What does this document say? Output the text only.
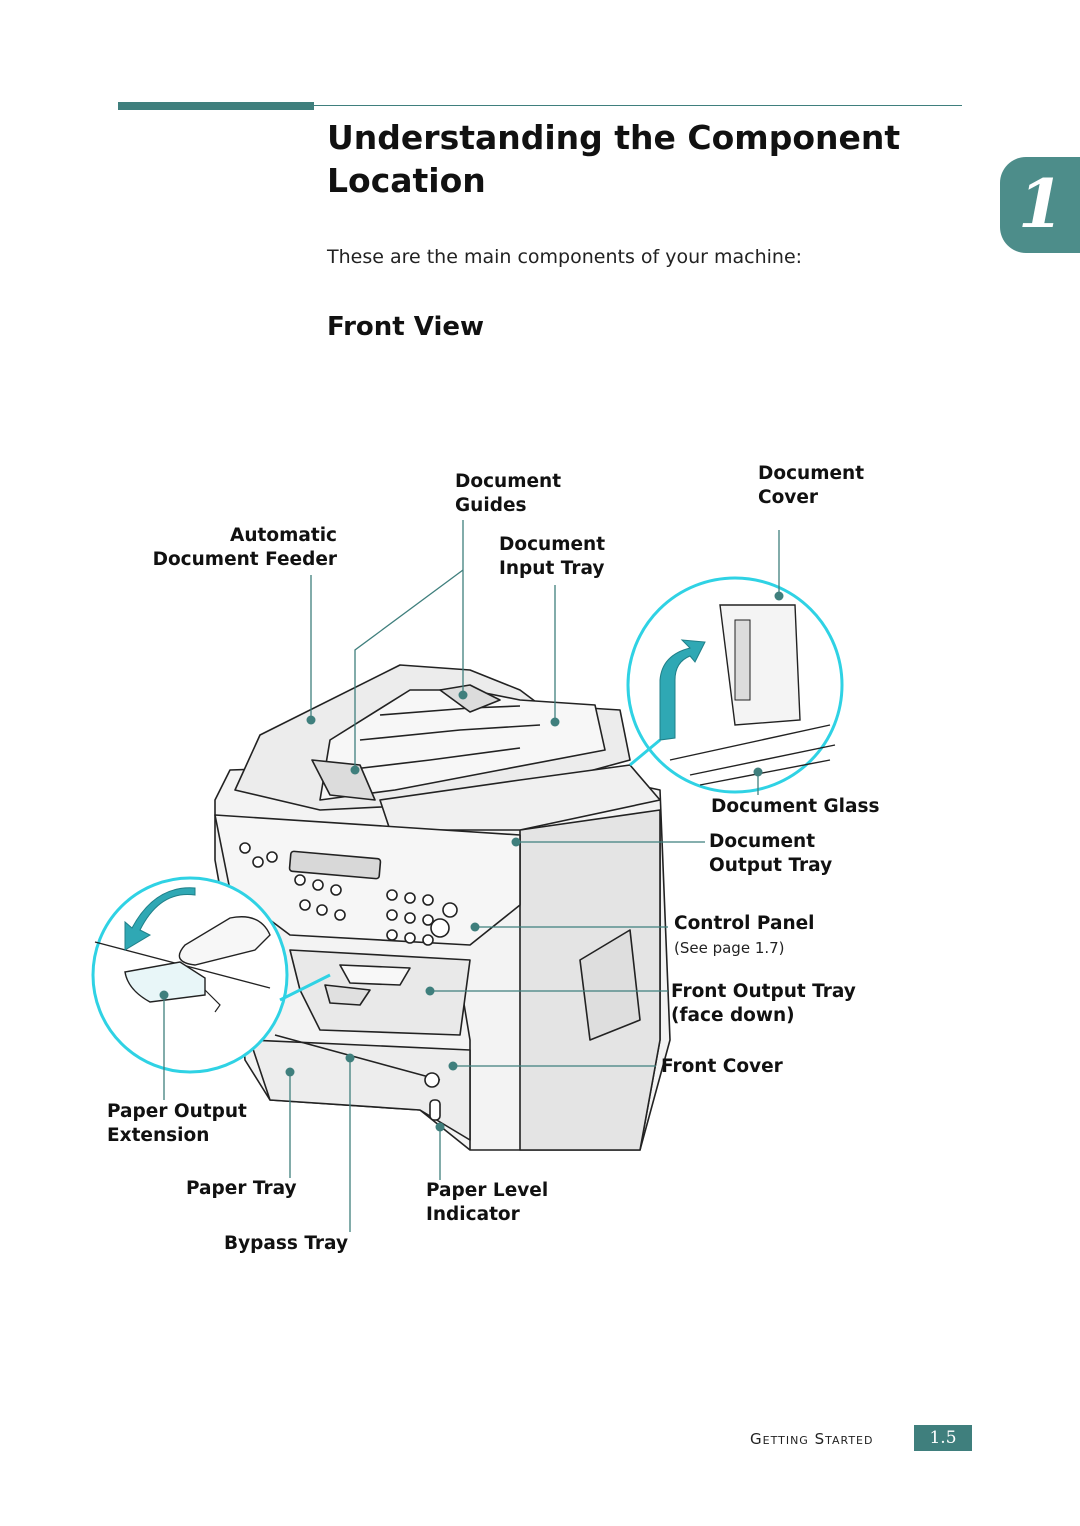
Understanding the Component Location	1
These are the main components of your machine:
Front View
Document
Guides
Document
Cover
Automatic
Document Feeder
Document
Input Tray
Document Glass
Document
Output Tray
Control Panel
(See page 1.7)
Front Output Tray
(face down)
Front Cover
Paper Output
Extension
Paper Tray	Paper Level
Indicator
Bypass Tray
Getting Started	1.5
